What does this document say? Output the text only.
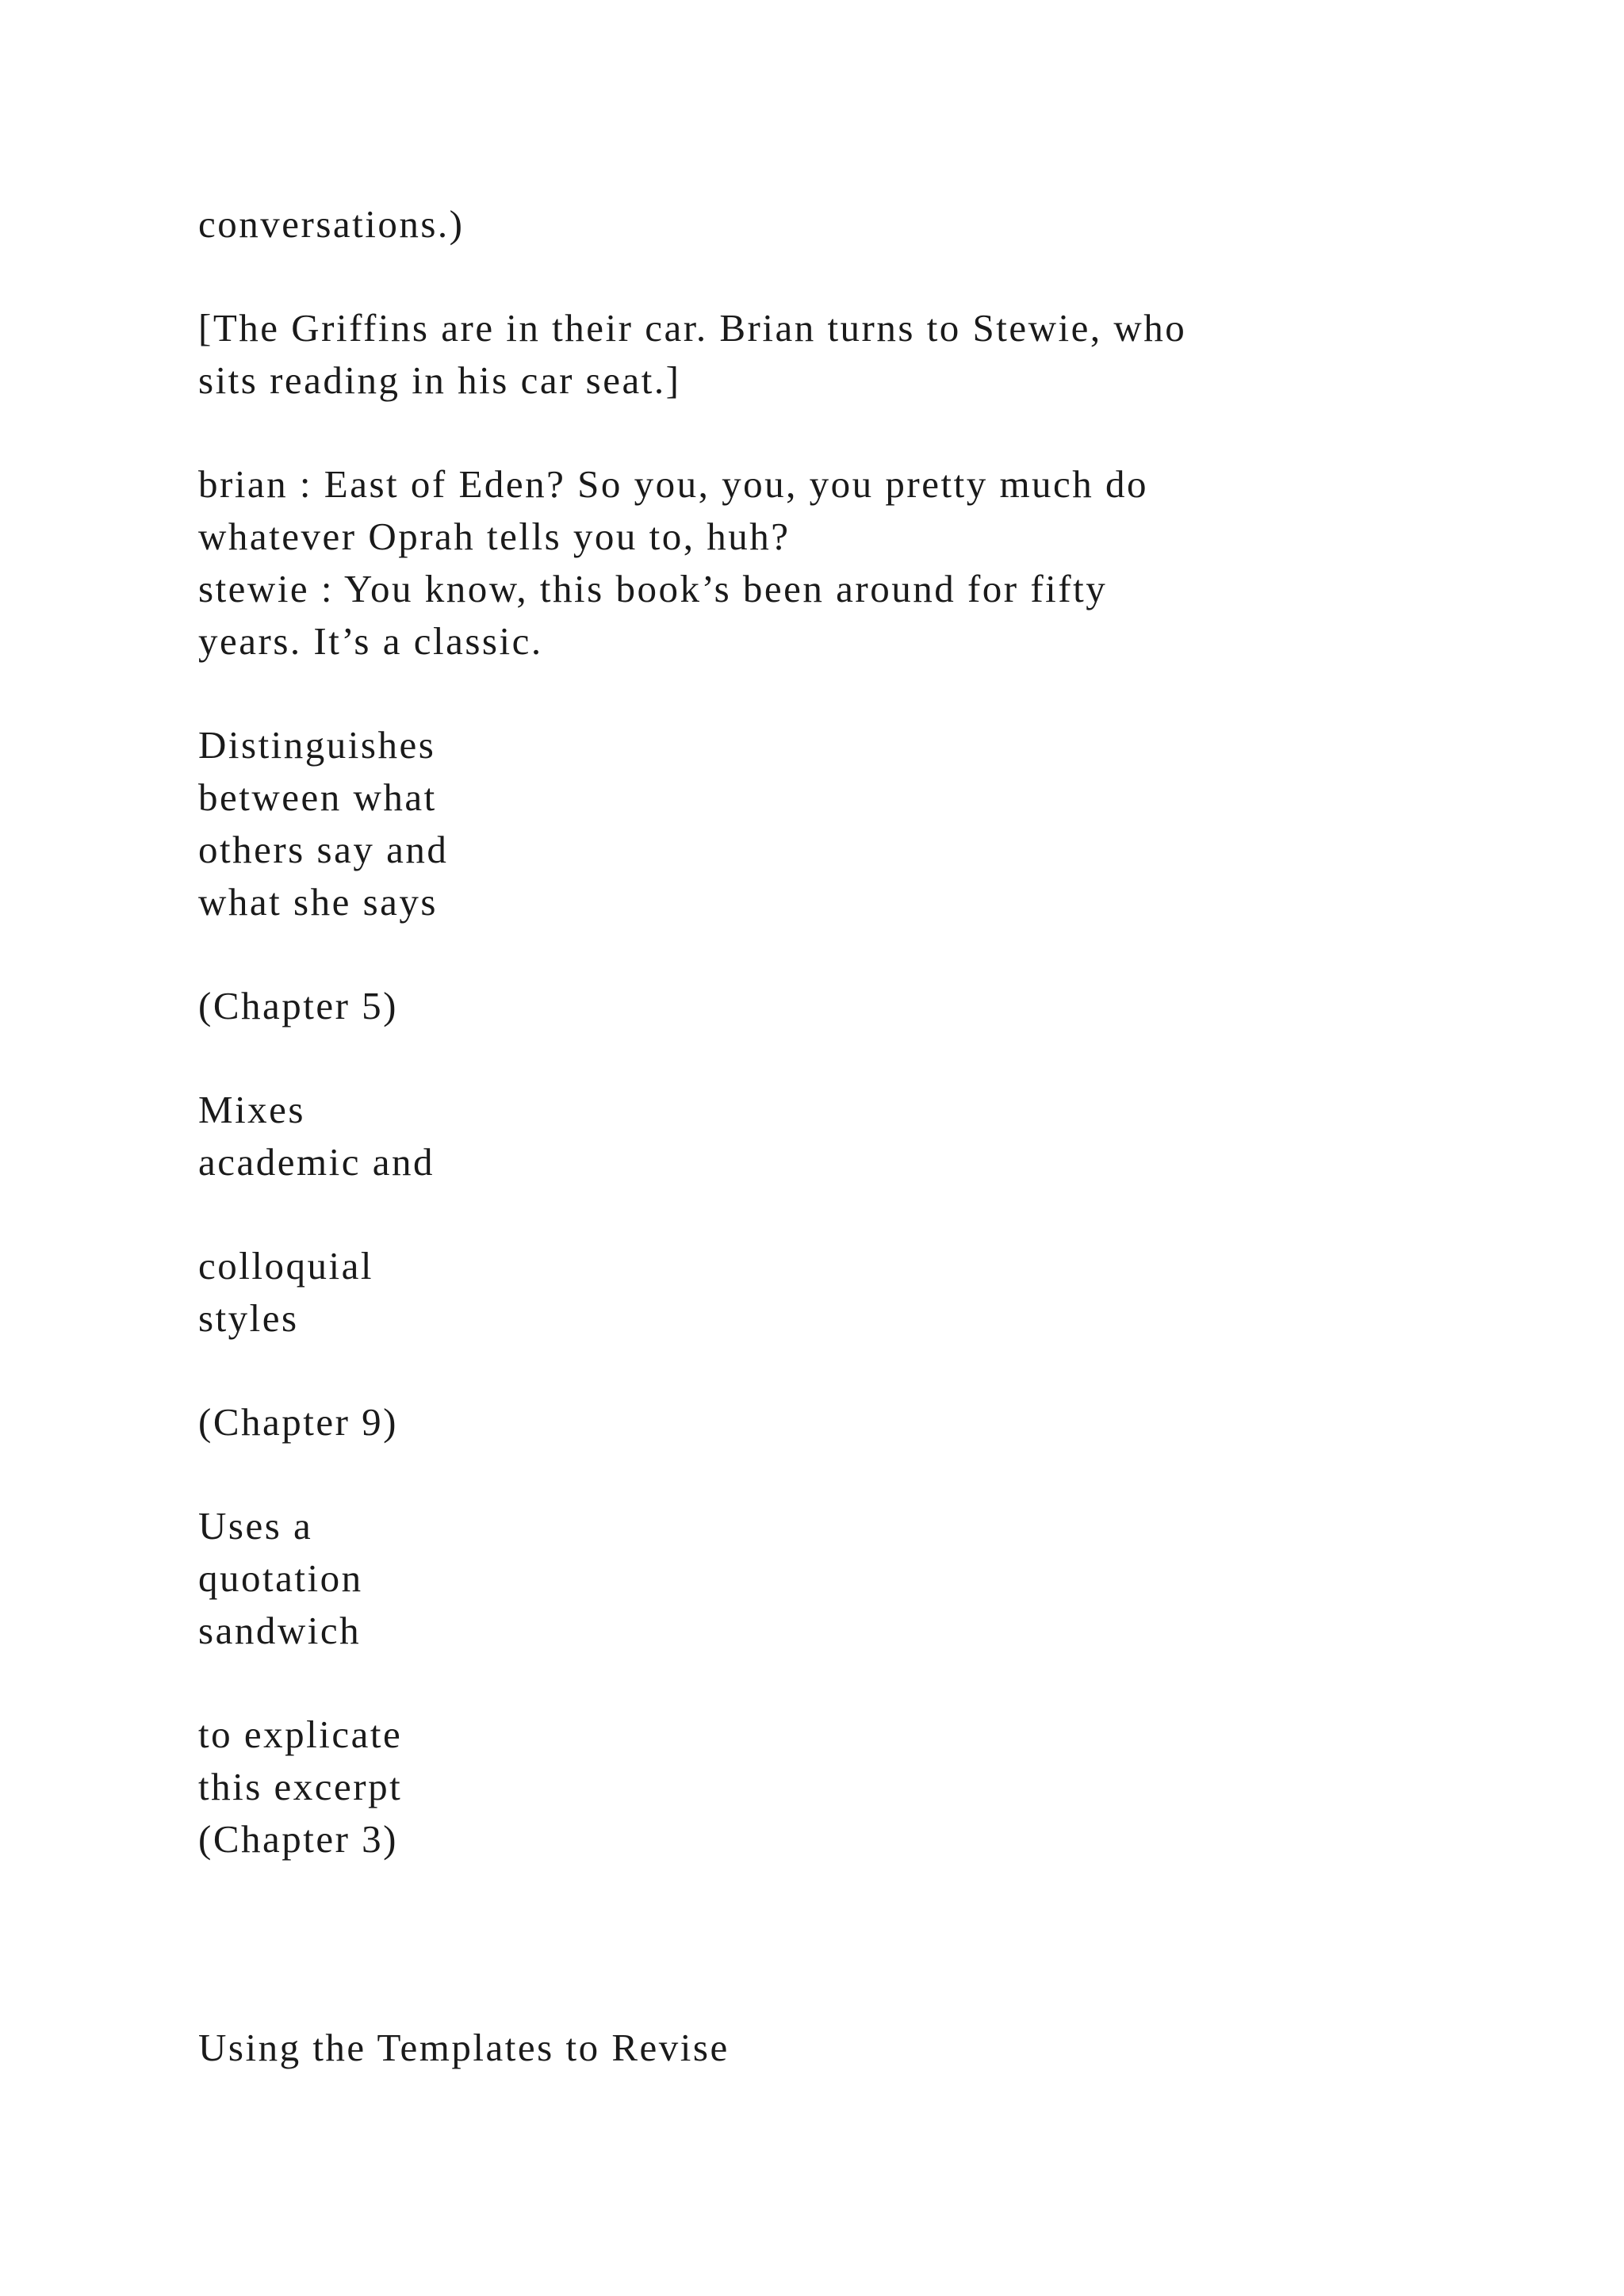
conversations.)

[The Griffins are in their car. Brian turns to Stewie, who

sits reading in his car seat.]

brian : East of Eden? So you, you, you pretty much do

whatever Oprah tells you to, huh?

stewie : You know, this book’s been around for fifty

years. It’s a classic.

Distinguishes

between what

others say and

what she says

(Chapter 5)

Mixes

academic and

colloquial

styles

(Chapter 9)

Uses a

quotation

sandwich

to explicate

this excerpt

(Chapter 3)

Using the Templates to Revise
